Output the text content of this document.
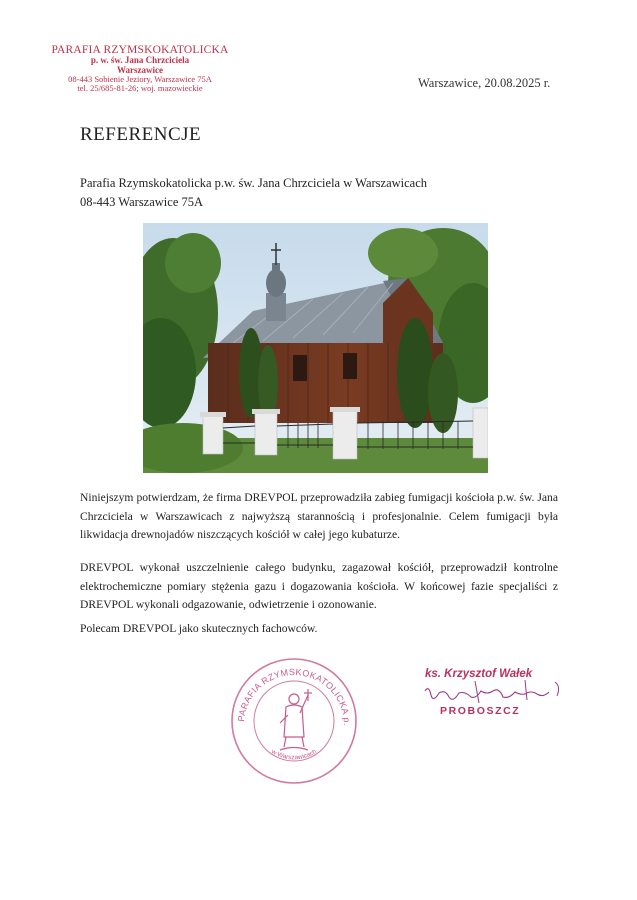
PARAFIA RZYMSKOKATOLICKA
p. w. św. Jana Chrzciciela
Warszawice
08-443 Sobienie Jeziory, Warszawice 75A
tel. 25/685-81-26; woj. mazowieckie	Warszawice, 20.08.2025 r.
REFERENCJE
Parafia Rzymskokatolicka p.w. św. Jana Chrzciciela w Warszawicach
08-443 Warszawice 75A
Niniejszym potwierdzam, że firma DREVPOL przeprowadziła zabieg fumigacji kościoła p.w. św. Jana Chrzciciela w Warszawicach z najwyższą starannością i profesjonalnie. Celem fumigacji była likwidacja drewnojadów niszczących kościół w całej jego kubaturze.
DREVPOL wykonał uszczelnienie całego budynku, zagazował kościół, przeprowadził kontrolne elektrochemiczne pomiary stężenia gazu i dogazowania kościoła. W końcowej fazie specjaliści z DREVPOL wykonali odgazowanie, odwietrzenie i ozonowanie.
Polecam DREVPOL jako skutecznych fachowców.
PARAFIA RZYMSKOKATOLICKA p.
w Warszawicach
ks. Krzysztof Wałek
PROBOSZCZ
